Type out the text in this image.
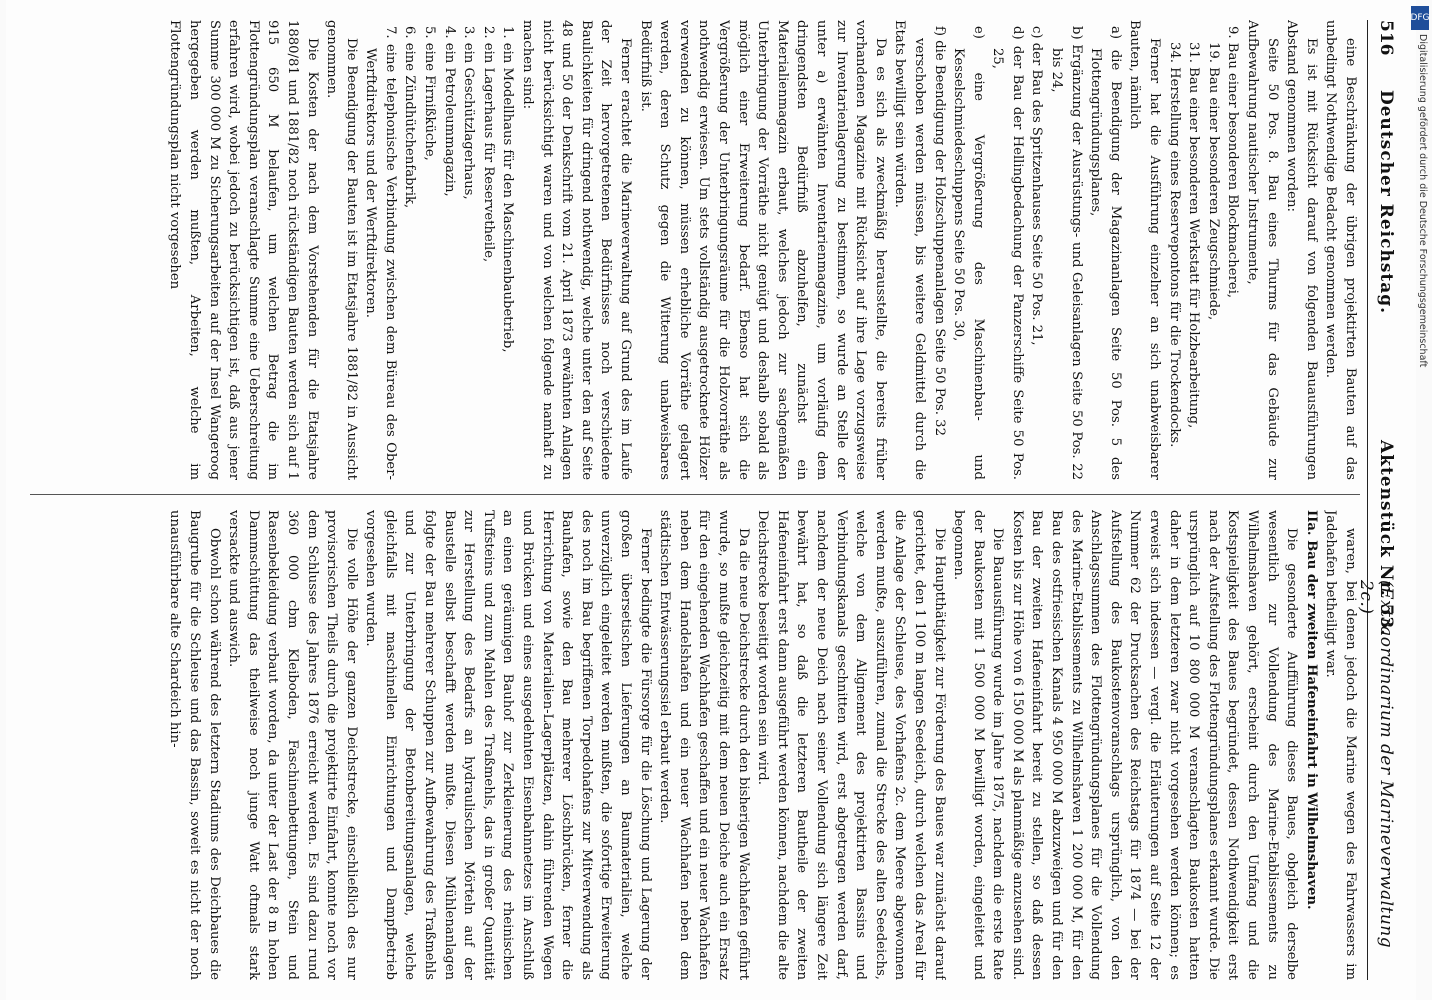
516
Deutscher Reichstag.
Aktenstück Nr. 53.
(Extraordinarium der Marineverwaltung 2c.)

eine Beschränkung der übrigen projektirten Bauten auf das unbedingt Nothwendige Bedacht genommen werden.

Es ist mit Rücksicht darauf von folgenden Bauausführungen Abstand genommen worden:

Seite 50 Pos. 8. Bau eines Thurms für das Gebäude zur Aufbewahrung nautischer Instrumente,

9. Bau einer besonderen Blockmacherei,

19. Bau einer besonderen Zeugschmiede,

31. Bau einer besonderen Werkstatt für Holzbearbeitung,

34. Herstellung eines Reservepontons für die Trockendocks.

Ferner hat die Ausführung einzelner an sich unabweisbarer Bauten, nämlich

a) die Beendigung der Magazinanlagen Seite 50 Pos. 5 des Flottengründungsplanes,

b) Ergänzung der Ausrüstungs- und Geleisanlagen Seite 50 Pos. 22 bis 24,

c) der Bau des Spritzenhauses Seite 50 Pos. 21,

d) der Bau der Hellingbedachung der Panzerschiffe Seite 50 Pos. 25,

e) eine Vergrößerung des Maschinenbau- und Kesselschmiedeschuppens Seite 50 Pos. 30,

f) die Beendigung der Holzschuppenanlagen Seite 50 Pos. 32

verschoben werden müssen, bis weitere Geldmittel durch die Etats bewilligt sein würden.

Da es sich als zweckmäßig herausstellte, die bereits früher vorhandenen Magazine mit Rücksicht auf ihre Lage vorzugsweise zur Inventarienlagerung zu bestimmen, so wurde an Stelle der unter a) erwähnten Inventarienmagazine, um vorläufig dem dringendsten Bedürfniß abzuhelfen, zunächst ein Materialienmagazin erbaut, welches jedoch zur sachgemäßen Unterbringung der Vorräthe nicht genügt und deshalb sobald als möglich einer Erweiterung bedarf. Ebenso hat sich die Vergrößerung der Unterbringungsräume für die Holzvorräthe als nothwendig erwiesen. Um stets vollständig ausgetrocknete Hölzer verwenden zu können, müssen erhebliche Vorräthe gelagert werden, deren Schutz gegen die Witterung unabweisbares Bedürfniß ist.

Ferner erachtet die Marineverwaltung auf Grund des im Laufe der Zeit hervorgetretenen Bedürfnisses noch verschiedene Baulichkeiten für dringend nothwendig, welche unter den auf Seite 48 und 50 der Denkschrift vom 21. April 1873 erwähnten Anlagen nicht berücksichtigt waren und von welchen folgende namhaft zu machen sind:

1. ein Modellhaus für den Maschinenbaubetrieb,

2. ein Lagerhaus für Reservetheile,

3. ein Geschützlagerhaus,

4. ein Petroleummagazin,

5. eine Firnißküche,

6. eine Zündhütchenfabrik,

7. eine telephonische Verbindung zwischen dem Büreau des Ober-Werftdirektors und der Werftdirektoren.

Die Beendigung der Bauten ist im Etatsjahre 1881/82 in Aussicht genommen.

Die Kosten der nach dem Vorstehenden für die Etatsjahre 1880/81 und 1881/82 noch rückständigen Bauten werden sich auf 1 915 650 M belaufen, um welchen Betrag die im Flottengründungsplan veranschlagte Summe eine Ueberschreitung erfahren wird, wobei jedoch zu berücksichtigen ist, daß aus jener Summe 300 000 M zu Sicherungsarbeiten auf der Insel Wangeroog hergegeben werden mußten, Arbeiten, welche im Flottengründungsplan nicht vorgesehen

waren, bei denen jedoch die Marine wegen des Fahrwassers im Jadehafen betheiligt war.

IIa. Bau der zweiten Hafeneinfahrt in Wilhelmshaven.

Die gesonderte Aufführung dieses Baues, obgleich derselbe wesentlich zur Vollendung des Marine-Etablissements zu Wilhelmshaven gehört, erscheint durch den Umfang und die Kostspieligkeit des Baues begründet, dessen Nothwendigkeit erst nach der Aufstellung des Flottengründungsplanes erkannt wurde. Die ursprünglich auf 10 800 000 M veranschlagten Baukosten hatten daher in dem letzteren zwar nicht vorgesehen werden können; es erweist sich indessen — vergl. die Erläuterungen auf Seite 12 der Nummer 62 der Drucksachen des Reichstags für 1874 — bei der Aufstellung des Baukostenvoranschlags ursprünglich, von den Anschlagssummen des Flottengründungsplanes für die Vollendung des Marine-Etablissements zu Wilhelmshaven 1 200 000 M, für den Bau des ostfriesischen Kanals 4 950 000 M abzuzweigen und für den Bau der zweiten Hafeneinfahrt bereit zu stellen, so daß dessen Kosten bis zur Höhe von 6 150 000 M als planmäßige anzusehen sind.

Die Bauausführung wurde im Jahre 1875, nachdem die erste Rate der Baukosten mit 1 500 000 M bewilligt worden, eingeleitet und begonnen.

Die Hauptthätigkeit zur Förderung des Baues war zunächst darauf gerichtet, den 1 100 m langen Seedeich, durch welchen das Areal für die Anlage der Schleuse, des Vorhafens 2c. dem Meere abgewonnen werden mußte, auszuführen, zumal die Strecke des alten Seedeichs, welche von dem Alignement des projektirten Bassins und Verbindungskanals geschnitten wird, erst abgetragen werden darf, nachdem der neue Deich nach seiner Vollendung sich längere Zeit bewährt hat, so daß die letzteren Bautheile der zweiten Hafeneinfahrt erst dann ausgeführt werden können, nachdem die alte Deichstrecke beseitigt worden sein wird.

Da die neue Deichstrecke durch den bisherigen Wachhafen geführt wurde, so mußte gleichzeitig mit dem neuen Deiche auch ein Ersatz für den eingehenden Wachhafen geschaffen und ein neuer Wachhafen neben dem Handelshafen und ein neuer Wachhafen neben dem städtischen Entwässerungssiel erbaut werden.

Ferner bedingte die Fürsorge für die Löschung und Lagerung der großen übersetischen Lieferungen an Baumaterialien, welche unverzüglich eingeleitet werden mußten, die sofortige Erweiterung des noch im Bau begriffenen Torpedohafens zur Mitverwendung als Bauhafen, sowie den Bau mehrerer Löschbrücken, ferner die Herrichtung von Materialien-Lagerplätzen, dahin führenden Wegen und Brücken und eines ausgedehnten Eisenbahnnetzes im Anschluß an einen geräumigen Bauhof zur Zerkleinerung des rheinischen Tuffsteins und zum Mahlen des Traßmehls, das in großer Quantität zur Herstellung des Bedarfs an hydraulischen Mörteln auf der Baustelle selbst beschafft werden mußte. Diesen Mühlenanlagen folgte der Bau mehrerer Schuppen zur Aufbewahrung des Traßmehls und zur Unterbringung der Betonbereitungsanlagen, welche gleichfalls mit maschinellen Einrichtungen und Dampfbetrieb vorgesehen wurden.

Die volle Höhe der ganzen Deichstrecke, einschließlich des nur provisorischen Theils durch die projektirte Einfahrt, konnte noch vor dem Schlusse des Jahres 1876 erreicht werden. Es sind dazu rund 360 000 cbm Kleiboden, Faschinenbettungen, Stein und Rasenbekleidung verbaut worden, da unter der Last der 8 m hohen Dammschüttung das theilweise noch junge Watt oftmals stark versackte und auswich.

Obwohl schon während des letztern Stadiums des Deichbaues die Baugrube für die Schleuse und das Bassin, soweit es nicht der noch unausführbare alte Schardeich hin-

DFG
Digitalisierung gefördert durch die Deutsche Forschungsgemeinschaft
